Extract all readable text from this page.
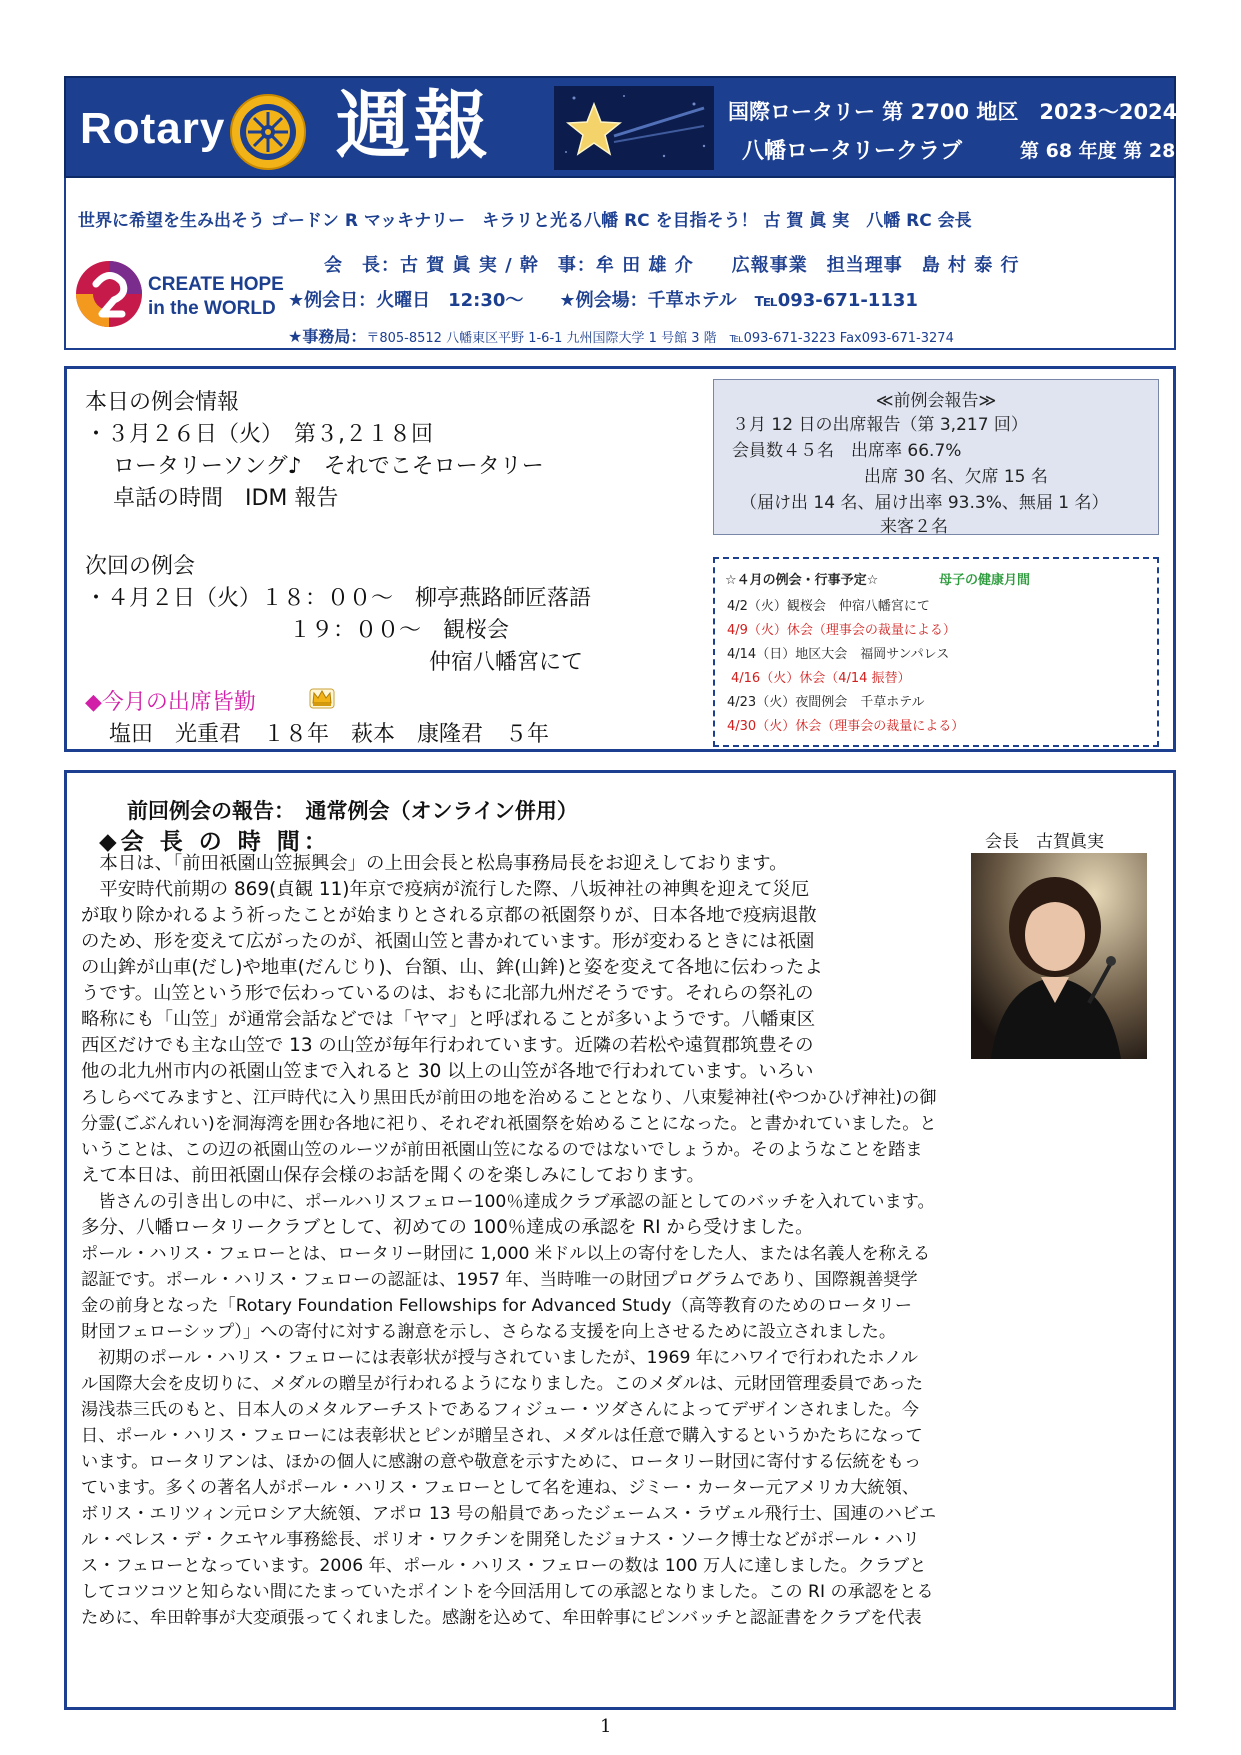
Rotary 週報	国際ロータリー 第 2700 地区　2023〜2024 年度
八幡ロータリークラブ	第 68 年度 第 28 号
世界に希望を生み出そう ゴードン R マッキナリー　キラリと光る八幡 RC を目指そう！ 古 賀 眞 実　八幡 RC 会長
会　長：古 賀 眞 実 / 幹　事：牟 田 雄 介　　広報事業　担当理事　島 村 泰 行
CREATE HOPE
in the WORLD ★例会日：火曜日　12:30〜　　★例会場：千草ホテル　℡093-671-1131
★事務局：〒805-8512 八幡東区平野 1-6-1 九州国際大学 1 号館 3 階　℡093-671-3223 Fax093-671-3274
本日の例会情報
・３月２６日（火）　第３,２１８回
ロータリーソング♪　それでこそロータリー
卓話の時間　IDM 報告
次回の例会
・４月２日（火）１８：００〜　柳亭燕路師匠落語
１９：００〜　観桜会
仲宿八幡宮にて
◆今月の出席皆勤
塩田　光重君　１８年　萩本　康隆君　５年
≪前例会報告≫
３月 12 日の出席報告（第 3,217 回）
会員数４５名　出席率 66.7%
出席 30 名、欠席 15 名
（届け出 14 名、届け出率 93.3%、無届 1 名）
来客２名
☆４月の例会・行事予定☆	母子の健康月間
4/2（火）観桜会　仲宿八幡宮にて
4/9（火）休会（理事会の裁量による）
4/14（日）地区大会　福岡サンパレス
4/16（火）休会（4/14 振替）
4/23（火）夜間例会　千草ホテル
4/30（火）休会（理事会の裁量による）
前回例会の報告：　通常例会（オンライン併用）
◆会 長 の 時 間：	会長　古賀眞実
　本日は、「前田祇園山笠振興会」の上田会長と松鳥事務局長をお迎えしております。
　平安時代前期の 869(貞観 11)年京で疫病が流行した際、八坂神社の神輿を迎えて災厄
が取り除かれるよう祈ったことが始まりとされる京都の祇園祭りが、日本各地で疫病退散
のため、形を変えて広がったのが、祇園山笠と書かれています。形が変わるときには祇園
の山鉾が山車(だし)や地車(だんじり)、台額、山、鉾(山鉾)と姿を変えて各地に伝わったよ
うです。山笠という形で伝わっているのは、おもに北部九州だそうです。それらの祭礼の
略称にも「山笠」が通常会話などでは「ヤマ」と呼ばれることが多いようです。八幡東区
西区だけでも主な山笠で 13 の山笠が毎年行われています。近隣の若松や遠賀郡筑豊その
他の北九州市内の祇園山笠まで入れると 30 以上の山笠が各地で行われています。いろい
ろしらべてみますと、江戸時代に入り黒田氏が前田の地を治めることとなり、八束髪神社(やつかひげ神社)の御
分霊(ごぶんれい)を洞海湾を囲む各地に祀り、それぞれ祇園祭を始めることになった。と書かれていました。と
いうことは、この辺の祇園山笠のルーツが前田祇園山笠になるのではないでしょうか。そのようなことを踏ま
えて本日は、前田祇園山保存会様のお話を聞くのを楽しみにしております。
　皆さんの引き出しの中に、ポールハリスフェロー100％達成クラブ承認の証としてのバッチを入れています。
多分、八幡ロータリークラブとして、初めての 100％達成の承認を RI から受けました。
ポール・ハリス・フェローとは、ロータリー財団に 1,000 米ドル以上の寄付をした人、または名義人を称える
認証です。ポール・ハリス・フェローの認証は、1957 年、当時唯一の財団プログラムであり、国際親善奨学
金の前身となった「Rotary Foundation Fellowships for Advanced Study（高等教育のためのロータリー
財団フェローシップ）」への寄付に対する謝意を示し、さらなる支援を向上させるために設立されました。
　初期のポール・ハリス・フェローには表彰状が授与されていましたが、1969 年にハワイで行われたホノル
ル国際大会を皮切りに、メダルの贈呈が行われるようになりました。このメダルは、元財団管理委員であった
湯浅恭三氏のもと、日本人のメタルアーチストであるフィジュー・ツダさんによってデザインされました。今
日、ポール・ハリス・フェローには表彰状とピンが贈呈され、メダルは任意で購入するというかたちになって
います。ロータリアンは、ほかの個人に感謝の意や敬意を示すために、ロータリー財団に寄付する伝統をもっ
ています。多くの著名人がポール・ハリス・フェローとして名を連ね、ジミー・カーター元アメリカ大統領、
ボリス・エリツィン元ロシア大統領、アポロ 13 号の船員であったジェームス・ラヴェル飛行士、国連のハビエ
ル・ペレス・デ・クエヤル事務総長、ポリオ・ワクチンを開発したジョナス・ソーク博士などがポール・ハリ
ス・フェローとなっています。2006 年、ポール・ハリス・フェローの数は 100 万人に達しました。クラブと
してコツコツと知らない間にたまっていたポイントを今回活用しての承認となりました。この RI の承認をとる
ために、牟田幹事が大変頑張ってくれました。感謝を込めて、牟田幹事にピンバッチと認証書をクラブを代表
1
